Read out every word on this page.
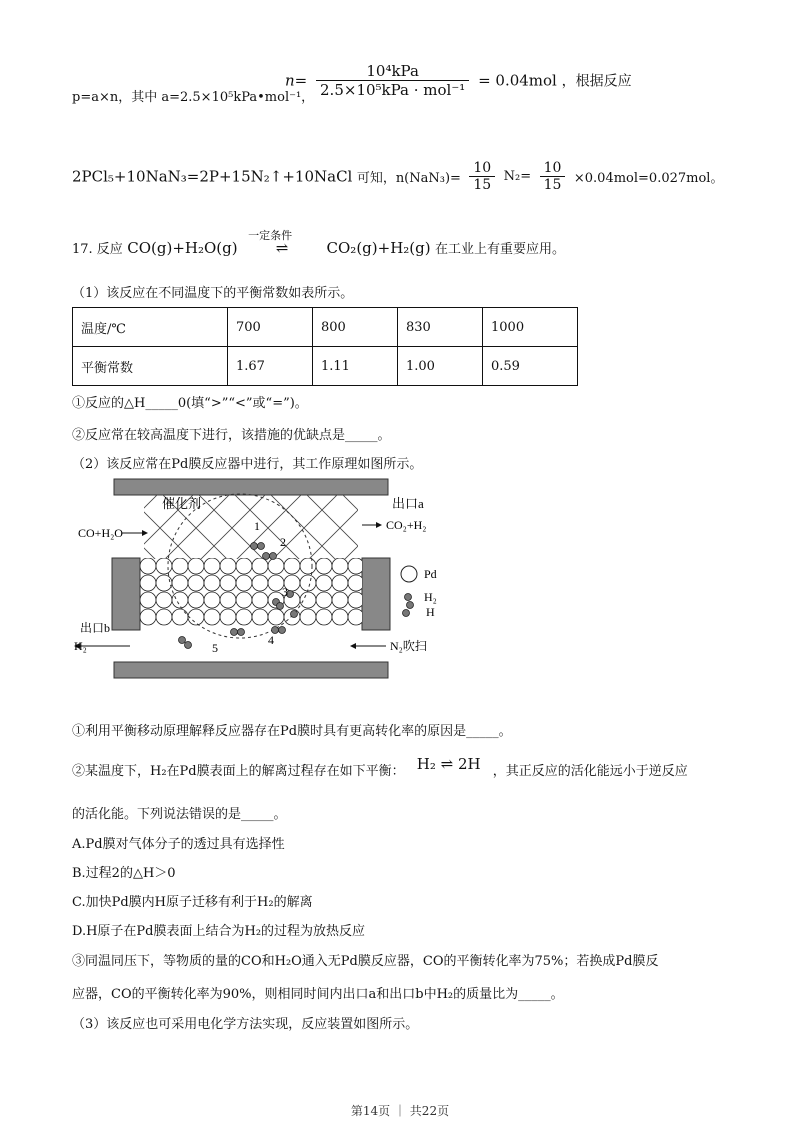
p=a×n，其中 a=2.5×10⁵kPa•mol⁻¹，
$n= \frac{\text{10⁴kPa}}{\text{2.5×10⁵kPa · mol⁻¹}} = 0.04mol$ ，根据反应
2PCl₅+10NaN₃=2P+15N₂↑+10NaCl 可知，$n(NaN_3)= \frac{10}{15} N_2= \frac{10}{15} \times 0.04mol=0.027mol$。
17. 反应 CO(g)+H₂O(g)
一定条件
⇌	CO₂(g)+H₂(g) 在工业上有重要应用。
（1）该反应在不同温度下的平衡常数如表所示。
温度/℃	700	800	830	1000
平衡常数	1.67	1.11	1.00	0.59
①反应的△H_____0(填“>”“<”或“=”)。
②反应常在较高温度下进行，该措施的优缺点是_____。
（2）该反应常在Pd膜反应器中进行，其工作原理如图所示。
催化剂	出口a
CO+H₂O
CO₂+H₂
出口b
H₂	N₂吹扫
Pd
H₂
H
1
2
3
4
5
①利用平衡移动原理解释反应器存在Pd膜时具有更高转化率的原因是_____。
②某温度下，H₂在Pd膜表面上的解离过程存在如下平衡： H₂ ⇌ 2H ，其正反应的活化能远小于逆反应
的活化能。下列说法错误的是_____。
A.Pd膜对气体分子的透过具有选择性
B.过程2的△H＞0
C.加快Pd膜内H原子迁移有利于H₂的解离
D.H原子在Pd膜表面上结合为H₂的过程为放热反应
③同温同压下，等物质的量的CO和H₂O通入无Pd膜反应器，CO的平衡转化率为75%；若换成Pd膜反
应器，CO的平衡转化率为90%，则相同时间内出口a和出口b中H₂的质量比为_____。
（3）该反应也可采用电化学方法实现，反应装置如图所示。
第14页 ｜ 共22页
